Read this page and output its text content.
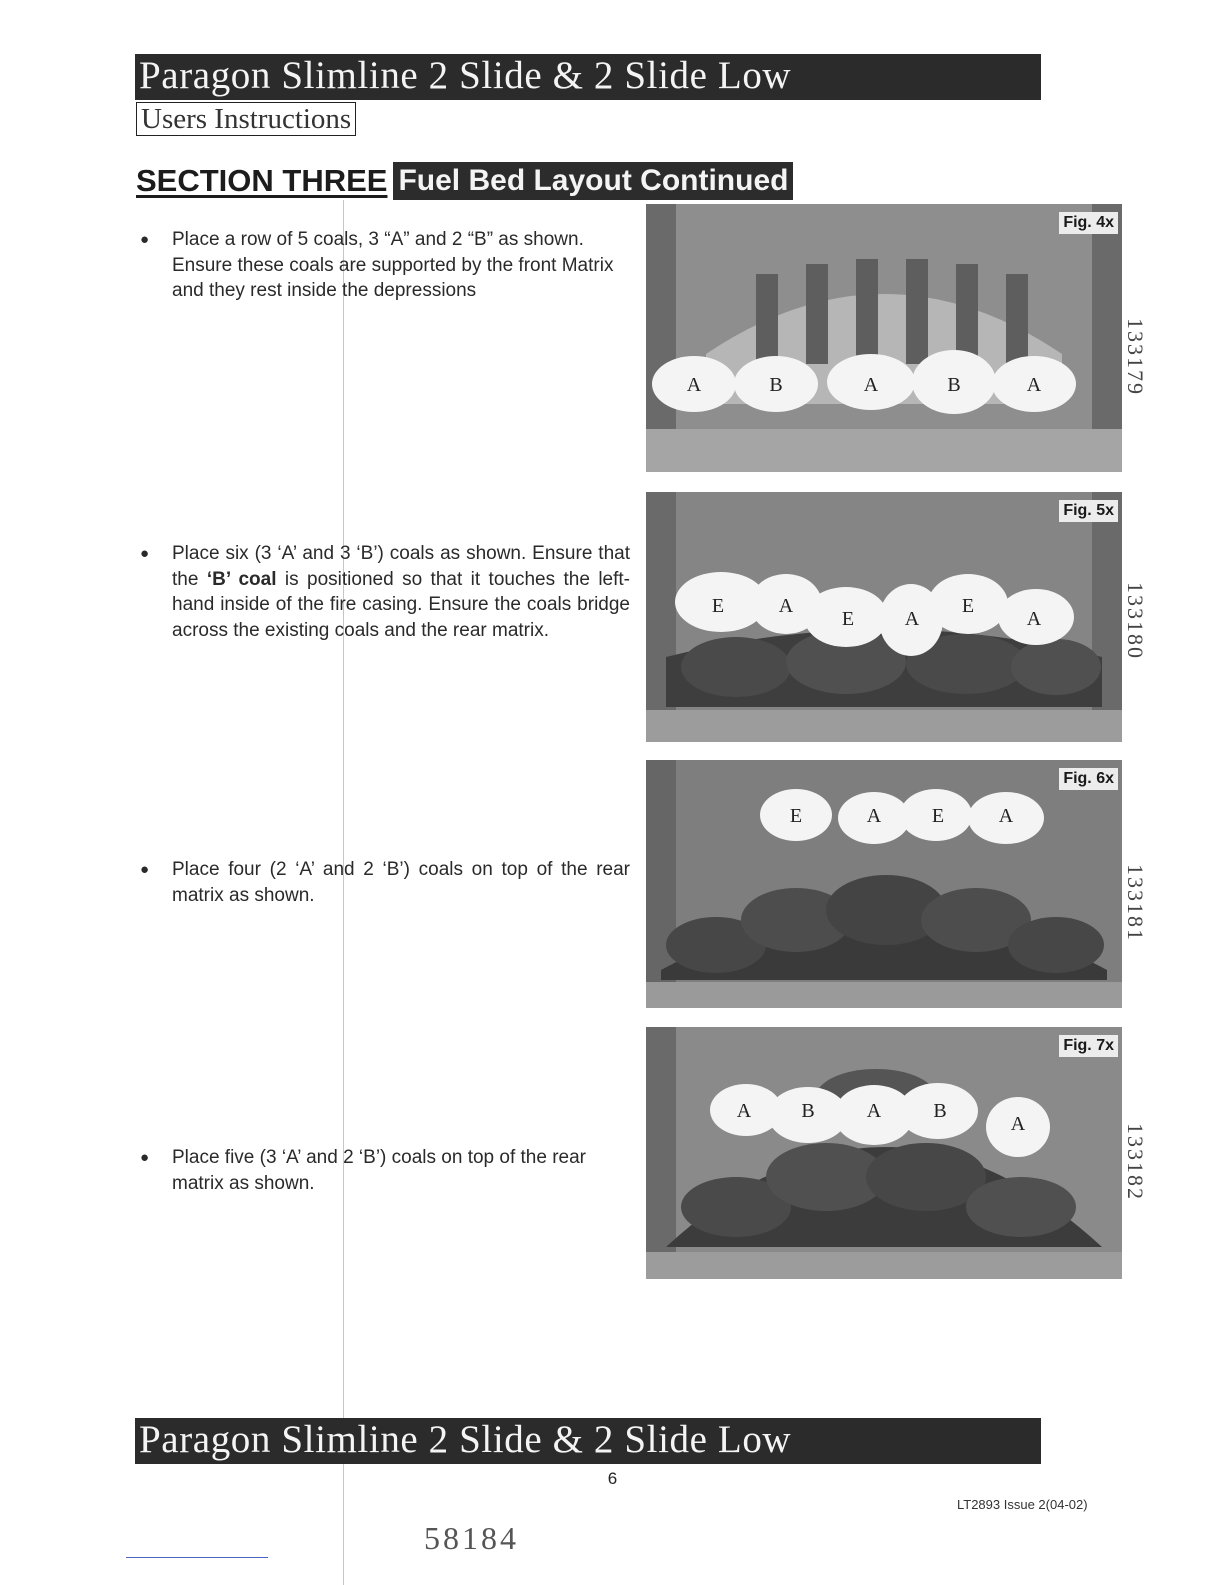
Paragon Slimline 2 Slide & 2 Slide Low
Users Instructions
SECTION THREE Fuel Bed Layout Continued
● Place a row of 5 coals, 3 “A” and 2 “B” as shown. Ensure these coals are supported by the front Matrix and they rest inside the depressions

● Place six (3 ‘A’ and 3 ‘B’) coals as shown. Ensure that the ‘B’ coal is positioned so that it touches the left-hand inside of the fire casing. Ensure the coals bridge across the existing coals and the rear matrix.

● Place four (2 ‘A’ and 2 ‘B’) coals on top of the rear matrix as shown.

● Place five (3 ‘A’ and 2 ‘B’) coals on top of the rear matrix as shown.

A	B	A	B	A
Fig. 4x
E	A
E	A
E
A
Fig. 5x
E	A	E	A
Fig. 6x
A	B	A	B
A
Fig. 7x
133179
133180
133181
133182
Paragon Slimline 2 Slide & 2 Slide Low
6
LT2893 Issue 2(04-02)
58184
